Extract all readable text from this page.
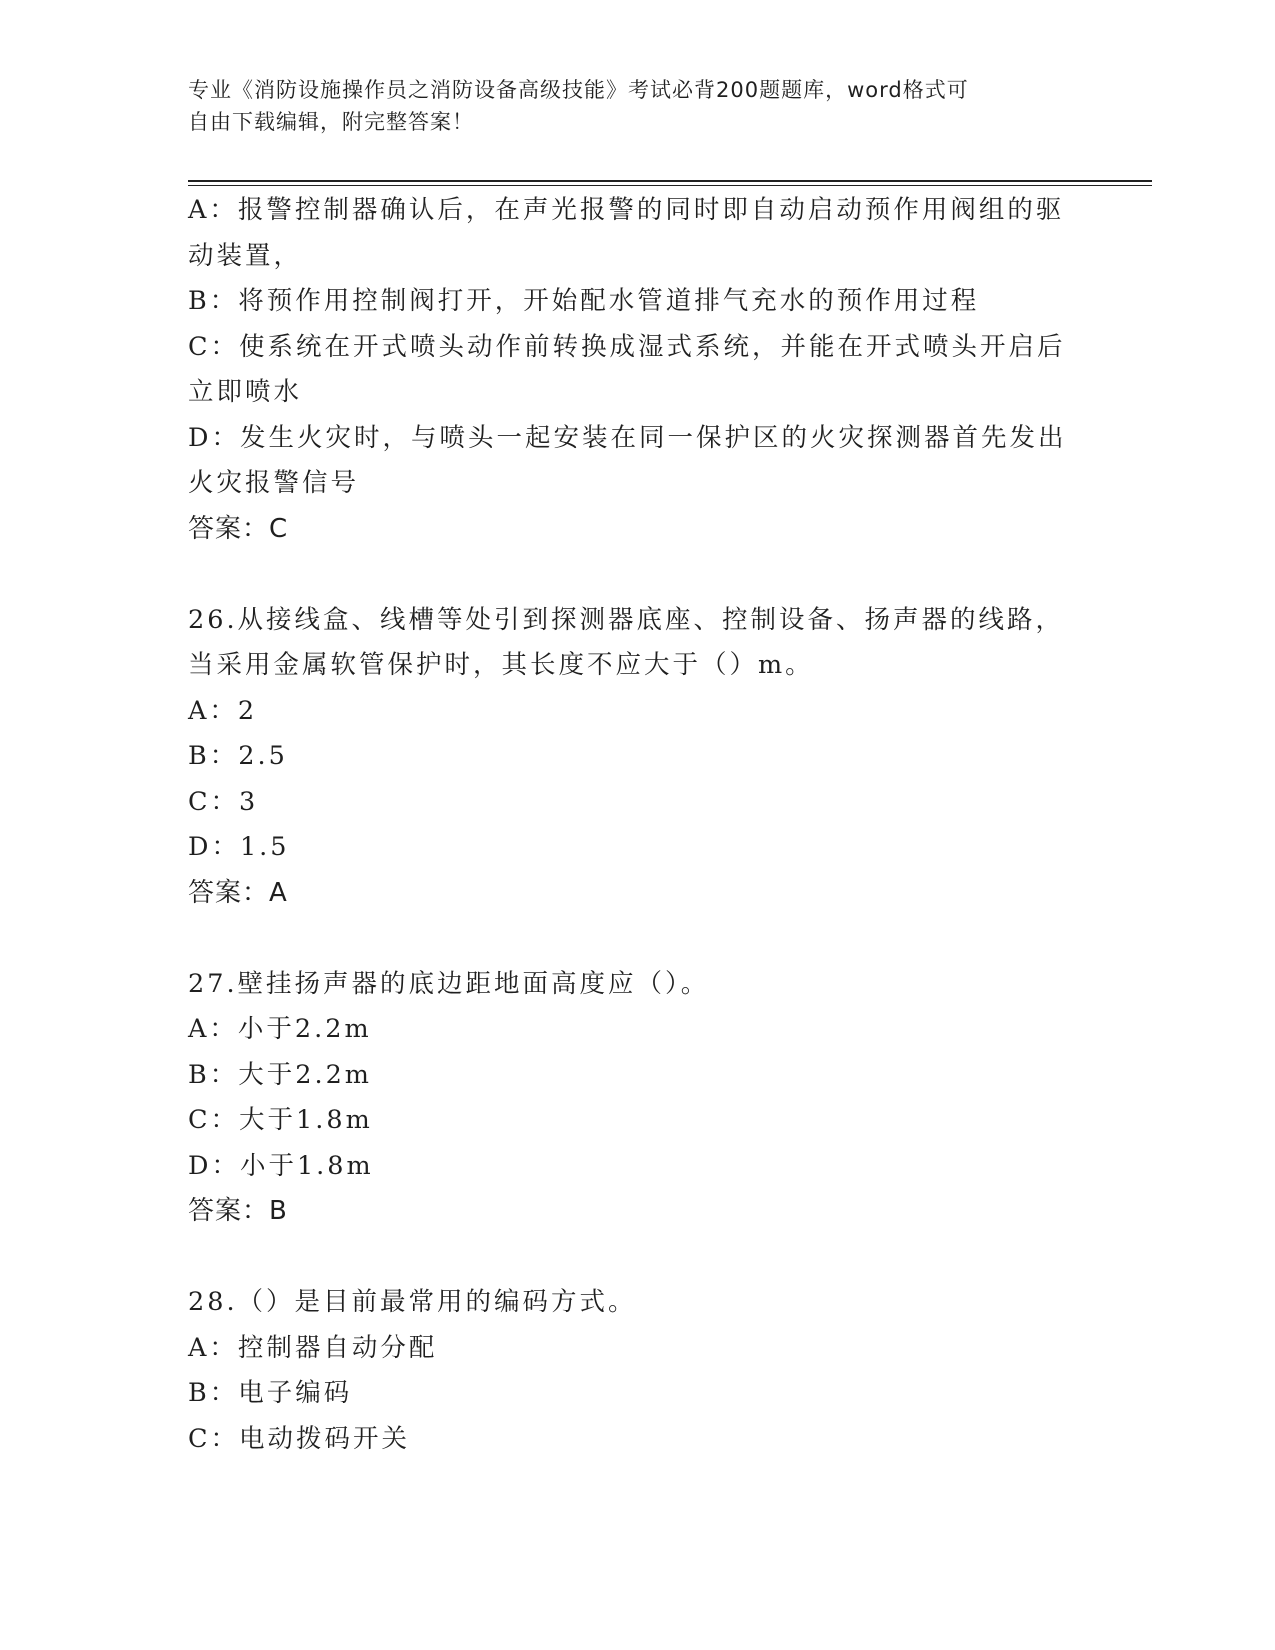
专业《消防设施操作员之消防设备高级技能》考试必背200题题库，word格式可
自由下载编辑，附完整答案！
A：报警控制器确认后，在声光报警的同时即自动启动预作用阀组的驱
动装置，
B：将预作用控制阀打开，开始配水管道排气充水的预作用过程
C：使系统在开式喷头动作前转换成湿式系统，并能在开式喷头开启后
立即喷水
D：发生火灾时，与喷头一起安装在同一保护区的火灾探测器首先发出
火灾报警信号
答案：C
26.从接线盒、线槽等处引到探测器底座、控制设备、扬声器的线路，
当采用金属软管保护时，其长度不应大于（）m。
A：2
B：2.5
C：3
D：1.5
答案：A
27.壁挂扬声器的底边距地面高度应（）。
A：小于2.2m
B：大于2.2m
C：大于1.8m
D：小于1.8m
答案：B
28.（）是目前最常用的编码方式。
A：控制器自动分配
B：电子编码
C：电动拨码开关
